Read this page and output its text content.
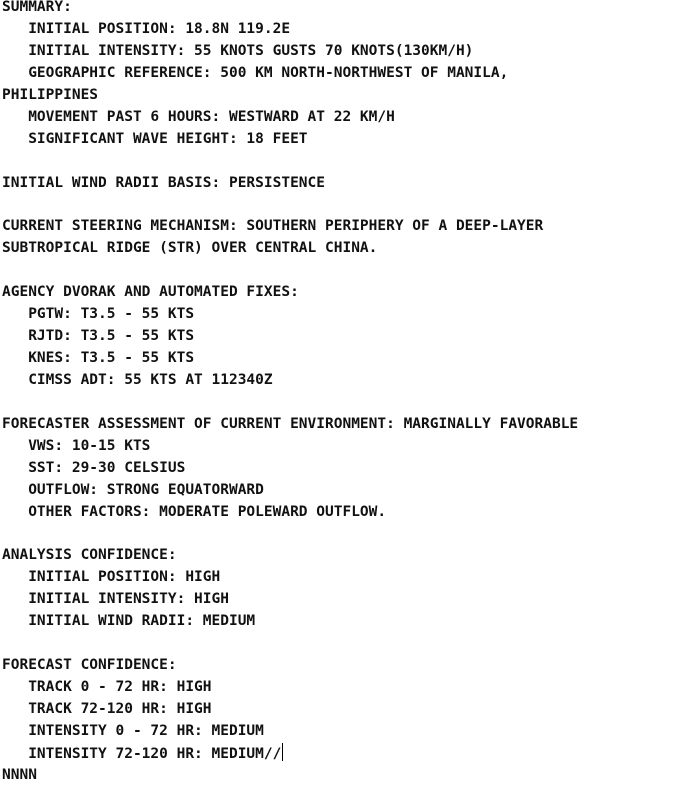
SUMMARY:
INITIAL POSITION: 18.8N 119.2E
INITIAL INTENSITY: 55 KNOTS GUSTS 70 KNOTS(130KM/H)
GEOGRAPHIC REFERENCE: 500 KM NORTH-NORTHWEST OF MANILA,
PHILIPPINES
MOVEMENT PAST 6 HOURS: WESTWARD AT 22 KM/H
SIGNIFICANT WAVE HEIGHT: 18 FEET
INITIAL WIND RADII BASIS: PERSISTENCE
CURRENT STEERING MECHANISM: SOUTHERN PERIPHERY OF A DEEP-LAYER
SUBTROPICAL RIDGE (STR) OVER CENTRAL CHINA.
AGENCY DVORAK AND AUTOMATED FIXES:
PGTW: T3.5 - 55 KTS
RJTD: T3.5 - 55 KTS
KNES: T3.5 - 55 KTS
CIMSS ADT: 55 KTS AT 112340Z
FORECASTER ASSESSMENT OF CURRENT ENVIRONMENT: MARGINALLY FAVORABLE
VWS: 10-15 KTS
SST: 29-30 CELSIUS
OUTFLOW: STRONG EQUATORWARD
OTHER FACTORS: MODERATE POLEWARD OUTFLOW.
ANALYSIS CONFIDENCE:
INITIAL POSITION: HIGH
INITIAL INTENSITY: HIGH
INITIAL WIND RADII: MEDIUM
FORECAST CONFIDENCE:
TRACK 0 - 72 HR: HIGH
TRACK 72-120 HR: HIGH
INTENSITY 0 - 72 HR: MEDIUM
INTENSITY 72-120 HR: MEDIUM//
NNNN
